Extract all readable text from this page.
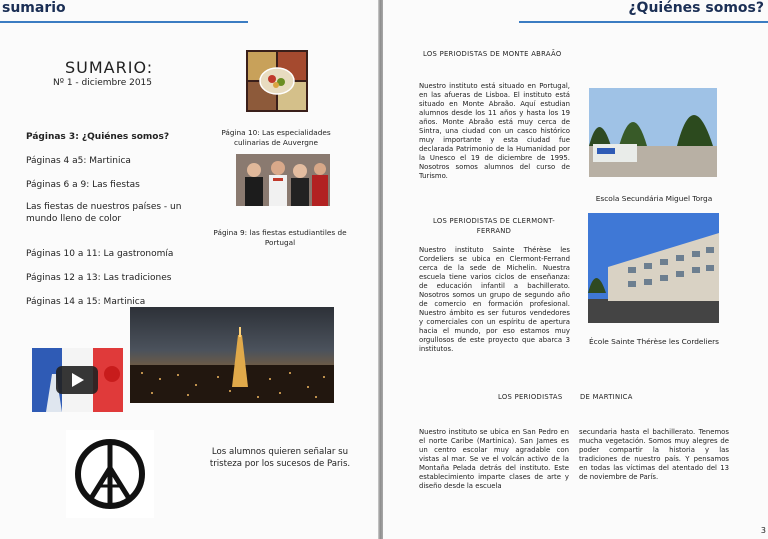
sumario
SUMARIO:
Nº 1 - diciembre 2015
Páginas 3: ¿Quiénes somos?
Páginas 4 a5: Martinica
Páginas 6 a 9: Las fiestas
Las fiestas de nuestros países - un mundo lleno de color
Páginas 10 a 11: La gastronomía
Páginas 12 a 13: Las tradiciones
Páginas 14 a 15: Martinica
Página 10: Las especialidades culinarias de Auvergne
Página 9: las fiestas estudiantiles de Portugal
Los alumnos quieren señalar su tristeza por los sucesos de Paris.
¿Quiénes somos?
LOS PERIODISTAS DE MONTE ABRAÃO
Nuestro instituto está situado en Portugal, en las afueras de Lisboa. El instituto está situado en Monte Abraão. Aquí estudian alumnos desde los 11 años y hasta los 19 años. Monte Abraão está muy cerca de Sintra, una ciudad con un casco histórico muy importante y esta ciudad fue declarada Patrimonio de la Humanidad por la Unesco el 19 de diciembre de 1995. Nosotros somos alumnos del curso de Turismo.
LOS PERIODISTAS DE CLERMONT-FERRAND
Nuestro instituto Sainte Thérèse les Cordeliers se ubica en Clermont-Ferrand cerca de la sede de Michelin. Nuestra escuela tiene varios ciclos de enseñanza: de educación infantil a bachillerato. Nosotros somos un grupo de segundo año de comercio en formación profesional. Nuestro ámbito es ser futuros vendedores y comerciales con un espíritu de apertura hacia el mundo, por eso estamos muy orgullosos de este proyecto que abarca 3 institutos.
Escola Secundária Miguel Torga
École Sainte Thérèse les Cordeliers
LOS PERIODISTAS	DE MARTINICA
Nuestro instituto se ubica en San Pedro en el norte Caribe (Martinica). San James es un centro escolar muy agradable con vistas al mar. Se ve el volcán activo de la Montaña Pelada detrás del instituto. Este establecimiento imparte clases de arte y diseño desde la escuela
secundaria hasta el bachillerato. Tenemos mucha vegetación. Somos muy alegres de poder compartir la historia y las tradiciones de nuestro país. Y pensamos en todas las víctimas del atentado del 13 de noviembre de París.
3
